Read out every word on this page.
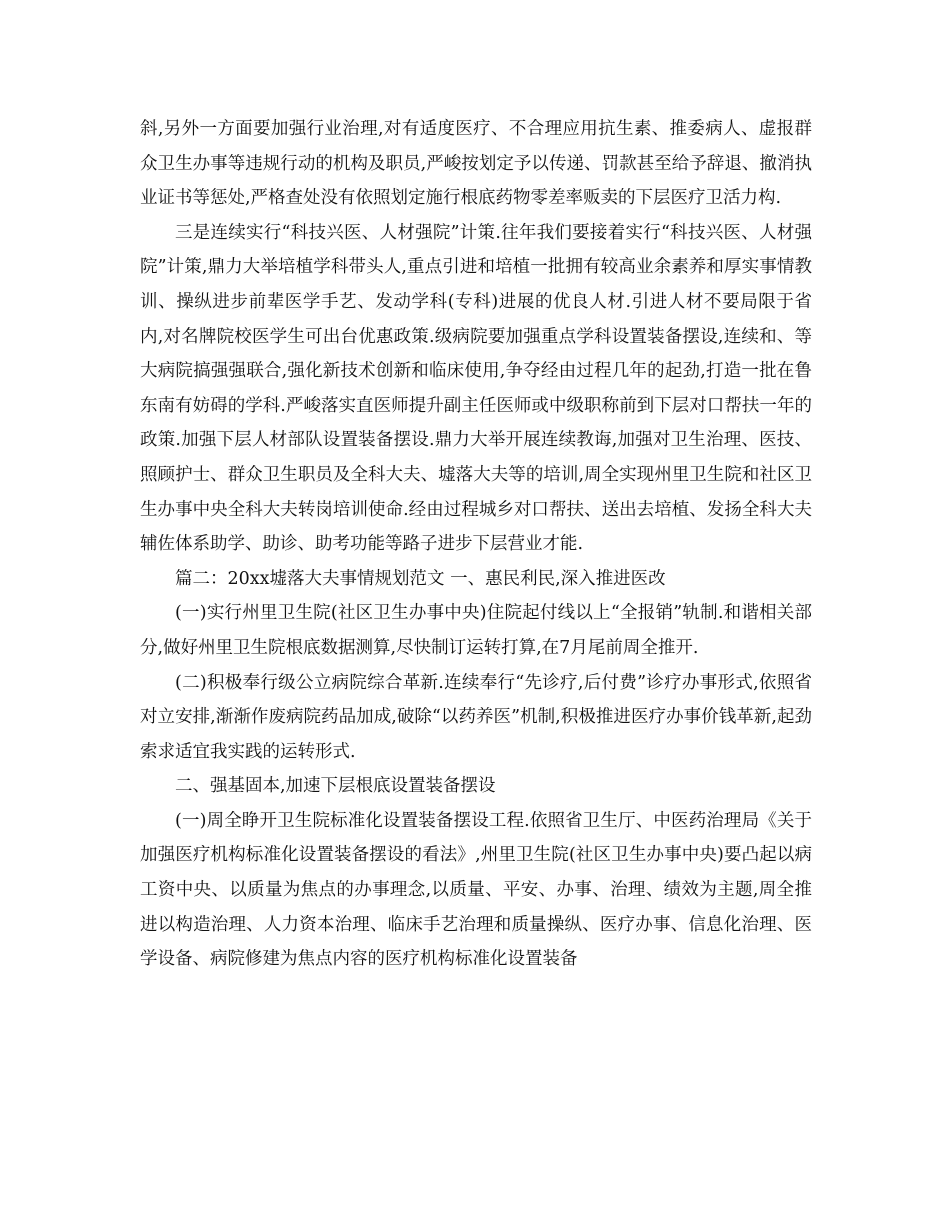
斜,另外一方面要加强行业治理,对有适度医疗、不合理应用抗生素、推委病人、虚报群众卫生办事等违规行动的机构及职员,严峻按划定予以传递、罚款甚至给予辞退、撤消执业证书等惩处,严格查处没有依照划定施行根底药物零差率贩卖的下层医疗卫活力构.

三是连续实行“科技兴医、人材强院”计策.往年我们要接着实行“科技兴医、人材强院”计策,鼎力大举培植学科带头人,重点引进和培植一批拥有较高业余素养和厚实事情教训、操纵进步前辈医学手艺、发动学科(专科)进展的优良人材.引进人材不要局限于省内,对名牌院校医学生可出台优惠政策.级病院要加强重点学科设置装备摆设,连续和、等大病院搞强强联合,强化新技术创新和临床使用,争夺经由过程几年的起劲,打造一批在鲁东南有妨碍的学科.严峻落实直医师提升副主任医师或中级职称前到下层对口帮扶一年的政策.加强下层人材部队设置装备摆设.鼎力大举开展连续教诲,加强对卫生治理、医技、照顾护士、群众卫生职员及全科大夫、墟落大夫等的培训,周全实现州里卫生院和社区卫生办事中央全科大夫转岗培训使命.经由过程城乡对口帮扶、送出去培植、发扬全科大夫辅佐体系助学、助诊、助考功能等路子进步下层营业才能.

篇二：20xx墟落大夫事情规划范文 一、惠民利民,深入推进医改

(一)实行州里卫生院(社区卫生办事中央)住院起付线以上“全报销”轨制.和谐相关部分,做好州里卫生院根底数据测算,尽快制订运转打算,在7月尾前周全推开.

(二)积极奉行级公立病院综合革新.连续奉行“先诊疗,后付费”诊疗办事形式,依照省对立安排,渐渐作废病院药品加成,破除“以药养医”机制,积极推进医疗办事价钱革新,起劲索求适宜我实践的运转形式.

二、强基固本,加速下层根底设置装备摆设

(一)周全睁开卫生院标准化设置装备摆设工程.依照省卫生厅、中医药治理局《关于加强医疗机构标准化设置装备摆设的看法》,州里卫生院(社区卫生办事中央)要凸起以病工资中央、以质量为焦点的办事理念,以质量、平安、办事、治理、绩效为主题,周全推进以构造治理、人力资本治理、临床手艺治理和质量操纵、医疗办事、信息化治理、医学设备、病院修建为焦点内容的医疗机构标准化设置装备
